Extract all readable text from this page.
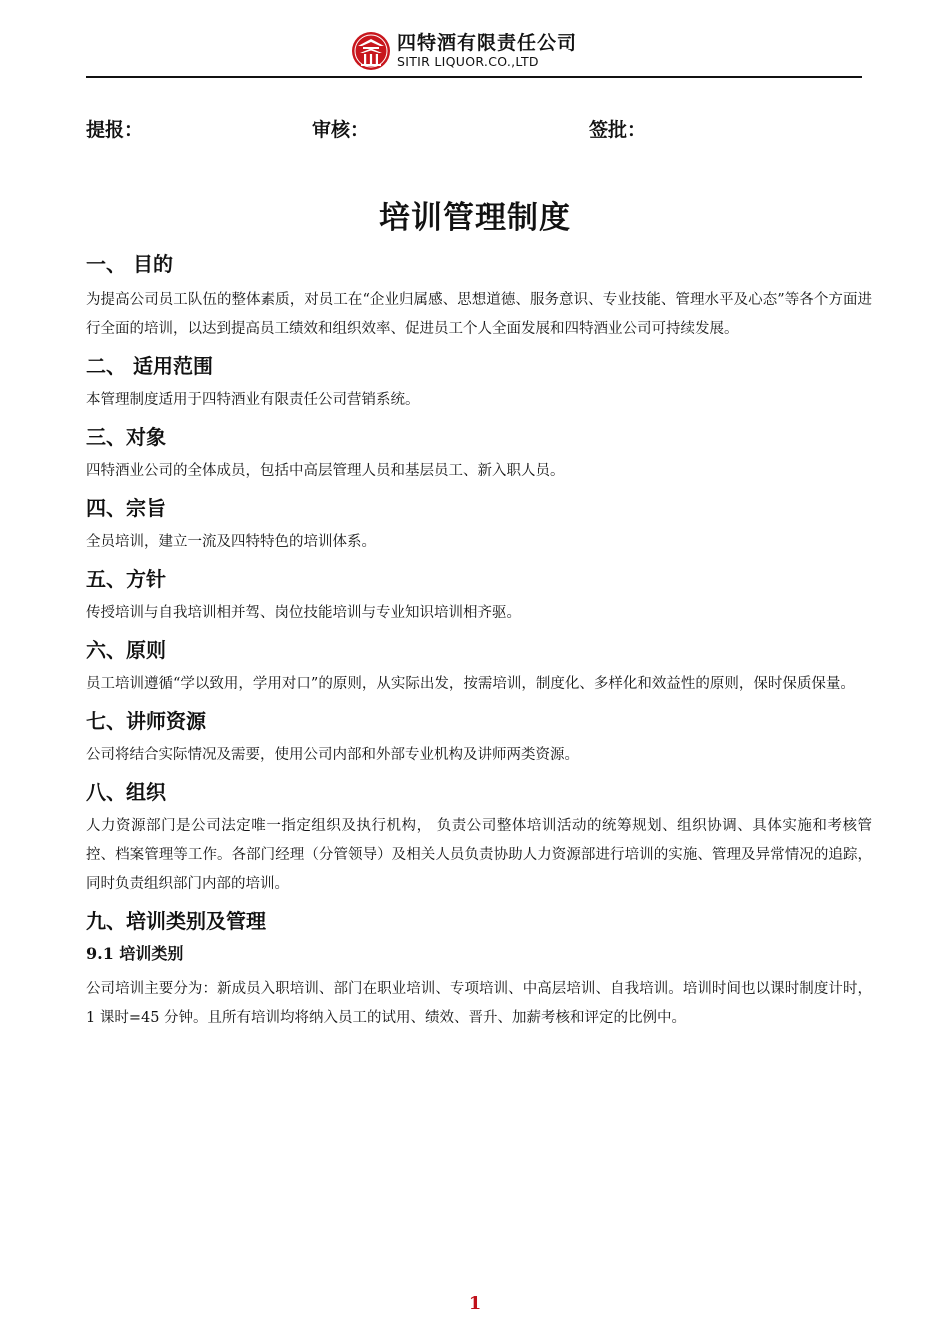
四特酒有限责任公司
SITIR LIQUOR.CO.,LTD
提报：	审核：	签批：
培训管理制度

一、 目的

为提高公司员工队伍的整体素质，对员工在“企业归属感、思想道德、服务意识、专业技能、管理水平及心态”等各个方面进行全面的培训，以达到提高员工绩效和组织效率、促进员工个人全面发展和四特酒业公司可持续发展。

二、 适用范围

本管理制度适用于四特酒业有限责任公司营销系统。

三、对象

四特酒业公司的全体成员，包括中高层管理人员和基层员工、新入职人员。

四、宗旨

全员培训，建立一流及四特特色的培训体系。

五、方针

传授培训与自我培训相并驾、岗位技能培训与专业知识培训相齐驱。

六、原则

员工培训遵循“学以致用，学用对口”的原则，从实际出发，按需培训，制度化、多样化和效益性的原则，保时保质保量。

七、讲师资源

公司将结合实际情况及需要，使用公司内部和外部专业机构及讲师两类资源。

八、组织

人力资源部门是公司法定唯一指定组织及执行机构， 负责公司整体培训活动的统筹规划、组织协调、具体实施和考核管控、档案管理等工作。各部门经理（分管领导）及相关人员负责协助人力资源部进行培训的实施、管理及异常情况的追踪，同时负责组织部门内部的培训。

九、培训类别及管理

9.1 培训类别

公司培训主要分为：新成员入职培训、部门在职业培训、专项培训、中高层培训、自我培训。培训时间也以课时制度计时，1 课时=45 分钟。且所有培训均将纳入员工的试用、绩效、晋升、加薪考核和评定的比例中。

1
